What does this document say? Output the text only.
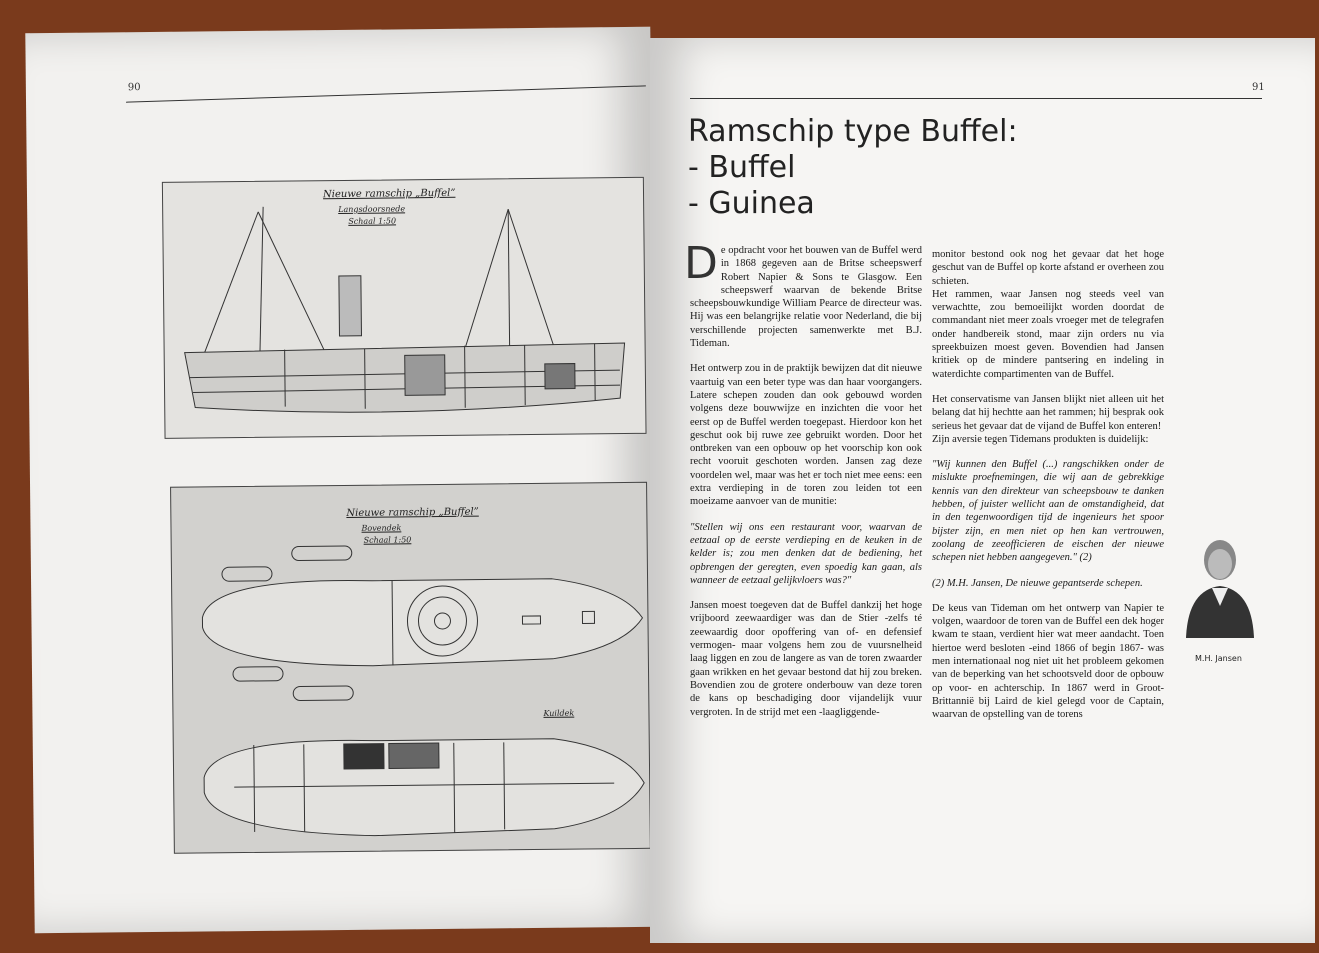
90
Nieuwe ramschip „Buffel”
Langsdoorsnede
Schaal 1:50
Nieuwe ramschip „Buffel”
Bovendek
Schaal 1:50
Kuildek
91
Ramschip type Buffel:
- Buffel
- Guinea

D e opdracht voor het bouwen van de Buffel werd in 1868 gegeven aan de Britse scheepswerf Robert Napier & Sons te Glasgow. Een scheepswerf waarvan de bekende Britse scheepsbouwkundige William Pearce de directeur was. Hij was een belangrijke relatie voor Nederland, die bij verschillende projecten samenwerkte met B.J. Tideman.

Het ontwerp zou in de praktijk bewijzen dat dit nieuwe vaartuig van een beter type was dan haar voorgangers. Latere schepen zouden dan ook gebouwd worden volgens deze bouwwijze en inzichten die voor het eerst op de Buffel werden toegepast. Hierdoor kon het geschut ook bij ruwe zee gebruikt worden. Door het ontbreken van een opbouw op het voorschip kon ook recht vooruit geschoten worden. Jansen zag deze voordelen wel, maar was het er toch niet mee eens: een extra verdieping in de toren zou leiden tot een moeizame aanvoer van de munitie:

"Stellen wij ons een restaurant voor, waarvan de eetzaal op de eerste verdieping en de keuken in de kelder is; zou men denken dat de bediening, het opbrengen der geregten, even spoedig kan gaan, als wanneer de eetzaal gelijkvloers was?"

Jansen moest toegeven dat de Buffel dankzij het hoge vrijboord zeewaardiger was dan de Stier -zelfs té zeewaardig door opoffering van of- en defensief vermogen- maar volgens hem zou de vuursnelheid laag liggen en zou de langere as van de toren zwaarder gaan wrikken en het gevaar bestond dat hij zou breken. Bovendien zou de grotere onderbouw van deze toren de kans op beschadiging door vijandelijk vuur vergroten. In de strijd met een -laagliggende-

monitor bestond ook nog het gevaar dat het hoge geschut van de Buffel op korte afstand er overheen zou schieten.

Het rammen, waar Jansen nog steeds veel van verwachtte, zou bemoeilijkt worden doordat de commandant niet meer zoals vroeger met de telegrafen onder handbereik stond, maar zijn orders nu via spreekbuizen moest geven. Bovendien had Jansen kritiek op de mindere pantsering en indeling in waterdichte compartimenten van de Buffel.

Het conservatisme van Jansen blijkt niet alleen uit het belang dat hij hechtte aan het rammen; hij besprak ook serieus het gevaar dat de vijand de Buffel kon enteren!

Zijn aversie tegen Tidemans produkten is duidelijk:

"Wij kunnen den Buffel (...) rangschikken onder de mislukte proefnemingen, die wij aan de gebrekkige kennis van den direkteur van scheepsbouw te danken hebben, of juister wellicht aan de omstandigheid, dat in den tegenwoordigen tijd de ingenieurs het spoor bijster zijn, en men niet op hen kan vertrouwen, zoolang de zeeofficieren de eischen der nieuwe schepen niet hebben aangegeven." (2)

(2) M.H. Jansen, De nieuwe gepantserde schepen.

De keus van Tideman om het ontwerp van Napier te volgen, waardoor de toren van de Buffel een dek hoger kwam te staan, verdient hier wat meer aandacht. Toen hiertoe werd besloten -eind 1866 of begin 1867- was men internationaal nog niet uit het probleem gekomen van de beperking van het schootsveld door de opbouw op voor- en achterschip. In 1867 werd in Groot-Brittannië bij Laird de kiel gelegd voor de Captain, waarvan de opstelling van de torens

M.H. Jansen
